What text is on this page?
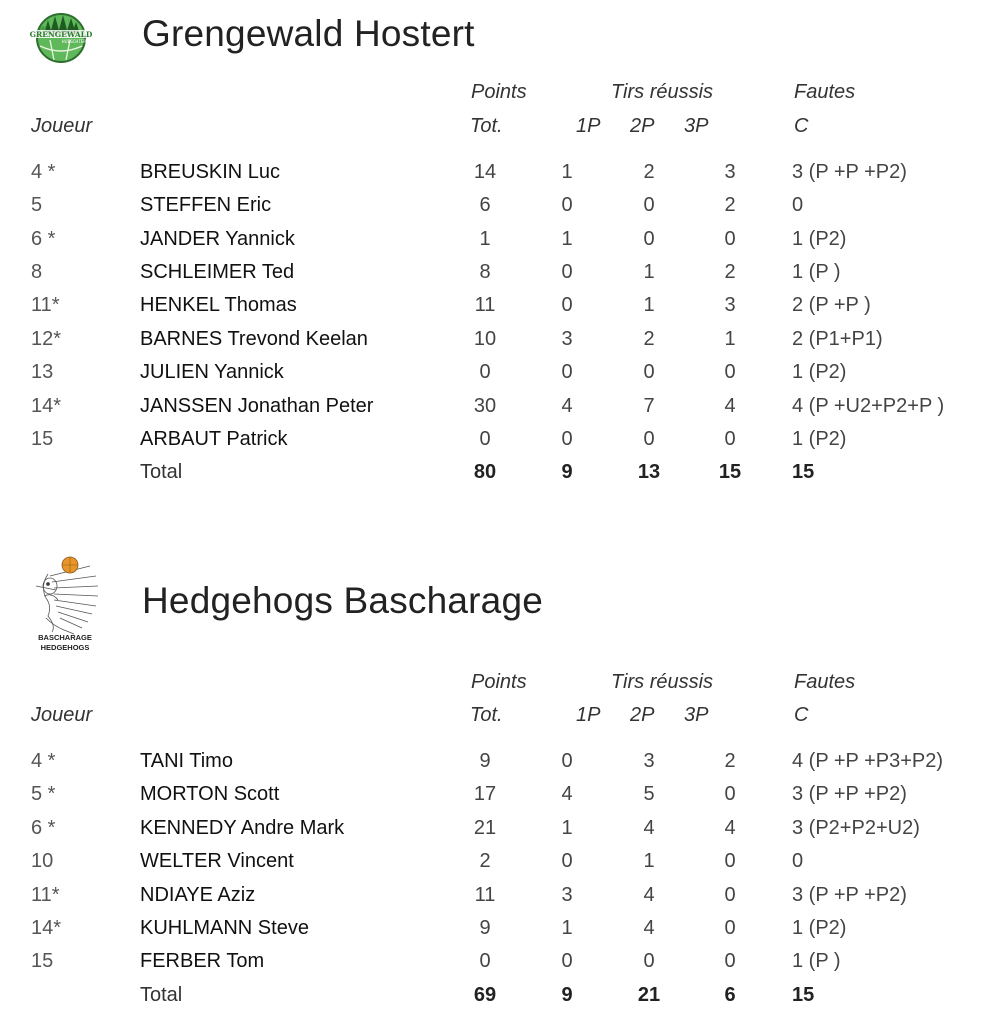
GRENGEWALD
BBC
HUESCHTERT Grengewald Hostert
Points	Tirs réussis	Fautes
Joueur	Tot.	1P 2P 3P	C
4 *	BREUSKIN Luc	14	1	2	3	3 (P +P +P2)
5	STEFFEN Eric	6	0	0	2	0
6 *	JANDER Yannick	1	1	0	0	1 (P2)
8	SCHLEIMER Ted	8	0	1	2	1 (P )
11*	HENKEL Thomas	11	0	1	3	2 (P +P )
12*	BARNES Trevond Keelan	10	3	2	1	2 (P1+P1)
13	JULIEN Yannick	0	0	0	0	1 (P2)
14*	JANSSEN Jonathan Peter	30	4	7	4	4 (P +U2+P2+P )
15	ARBAUT Patrick	0	0	0	0	1 (P2)
Total	80	9	13	15	15
BASCHARAGE
HEDGEHOGS
Hedgehogs Bascharage
Points	Tirs réussis	Fautes
Joueur	Tot.	1P 2P 3P	C
4 *	TANI Timo	9	0	3	2	4 (P +P +P3+P2)
5 *	MORTON Scott	17	4	5	0	3 (P +P +P2)
6 *	KENNEDY Andre Mark	21	1	4	4	3 (P2+P2+U2)
10	WELTER Vincent	2	0	1	0	0
11*	NDIAYE Aziz	11	3	4	0	3 (P +P +P2)
14*	KUHLMANN Steve	9	1	4	0	1 (P2)
15	FERBER Tom	0	0	0	0	1 (P )
Total	69	9	21	6	15
